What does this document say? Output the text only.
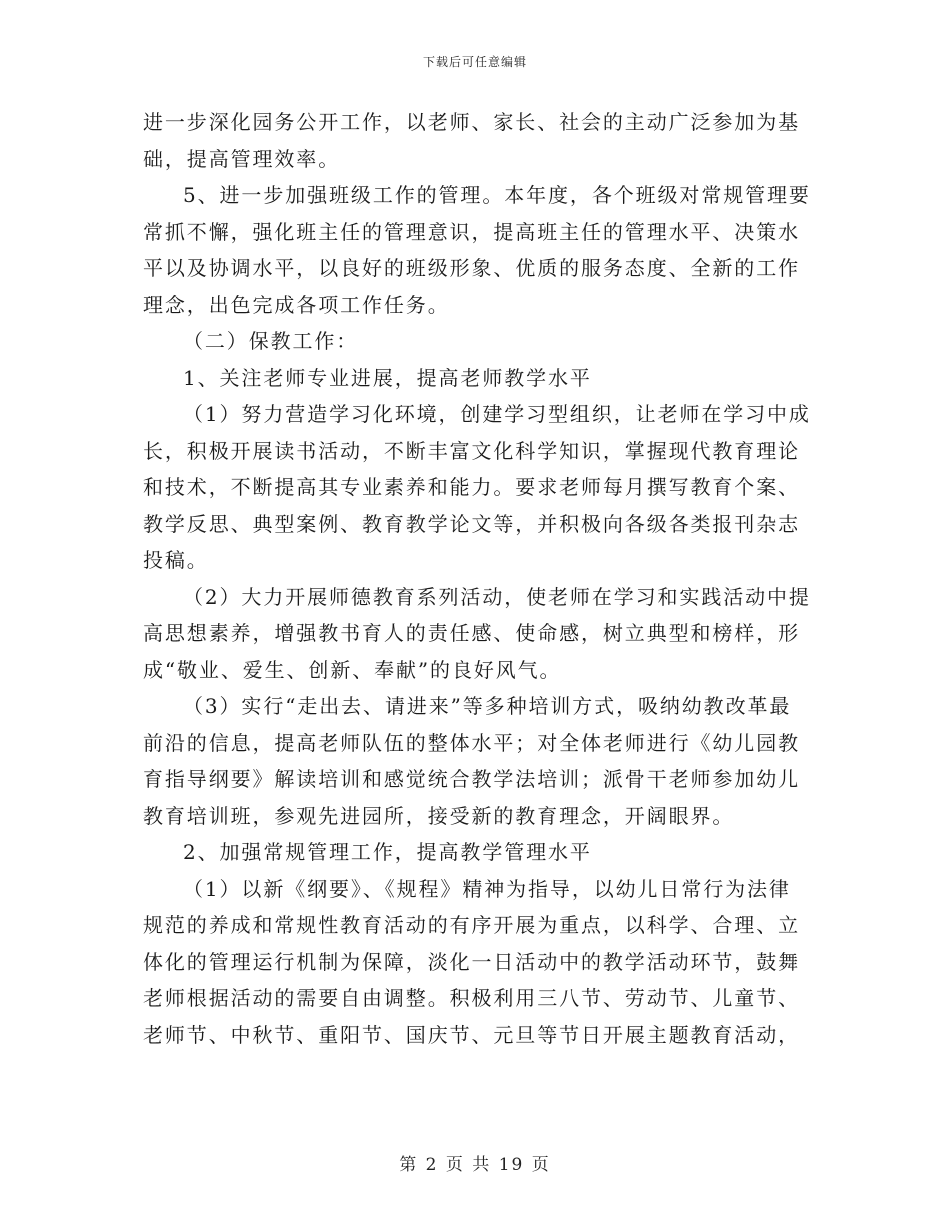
下载后可任意编辑
进一步深化园务公开工作，以老师、家长、社会的主动广泛参加为基
础，提高管理效率。
5、进一步加强班级工作的管理。本年度，各个班级对常规管理要
常抓不懈，强化班主任的管理意识，提高班主任的管理水平、决策水
平以及协调水平，以良好的班级形象、优质的服务态度、全新的工作
理念，出色完成各项工作任务。
（二）保教工作：
1、关注老师专业进展，提高老师教学水平
（1）努力营造学习化环境，创建学习型组织，让老师在学习中成
长，积极开展读书活动，不断丰富文化科学知识，掌握现代教育理论
和技术，不断提高其专业素养和能力。要求老师每月撰写教育个案、
教学反思、典型案例、教育教学论文等，并积极向各级各类报刊杂志
投稿。
（2）大力开展师德教育系列活动，使老师在学习和实践活动中提
高思想素养，增强教书育人的责任感、使命感，树立典型和榜样，形
成“敬业、爱生、创新、奉献”的良好风气。
（3）实行“走出去、请进来”等多种培训方式，吸纳幼教改革最
前沿的信息，提高老师队伍的整体水平；对全体老师进行《幼儿园教
育指导纲要》解读培训和感觉统合教学法培训；派骨干老师参加幼儿
教育培训班，参观先进园所，接受新的教育理念，开阔眼界。
2、加强常规管理工作，提高教学管理水平
（1）以新《纲要》、《规程》精神为指导，以幼儿日常行为法律
规范的养成和常规性教育活动的有序开展为重点，以科学、合理、立
体化的管理运行机制为保障，淡化一日活动中的教学活动环节，鼓舞
老师根据活动的需要自由调整。积极利用三八节、劳动节、儿童节、
老师节、中秋节、重阳节、国庆节、元旦等节日开展主题教育活动，
第 2 页 共 19 页
